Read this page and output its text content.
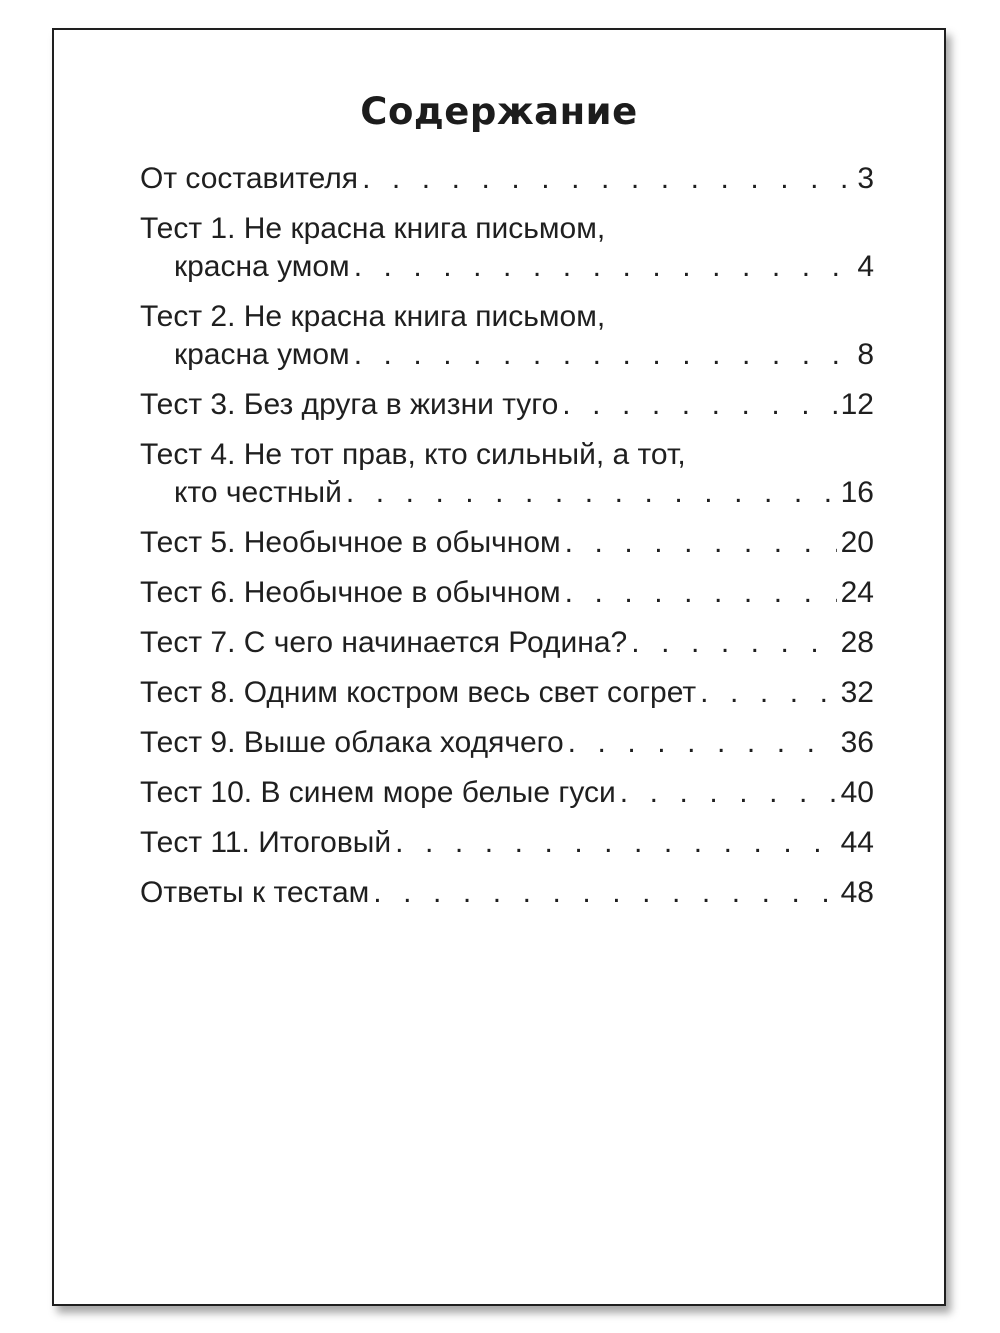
Содержание
От составителя . . .	3
Тест 1. Не красна книга письмом,
красна умом . . .	4
Тест 2. Не красна книга письмом,
красна умом . . .	8
Тест 3. Без друга в жизни туго . . .	12
Тест 4. Не тот прав, кто сильный, а тот,
кто честный . . .	16
Тест 5. Необычное в обычном . . .	20
Тест 6. Необычное в обычном . . .	24
Тест 7. С чего начинается Родина? . . .	28
Тест 8. Одним костром весь свет согрет . . .	32
Тест 9. Выше облака ходячего . . .	36
Тест 10. В синем море белые гуси . . .	40
Тест 11. Итоговый . . .	44
Ответы к тестам . . .	48
